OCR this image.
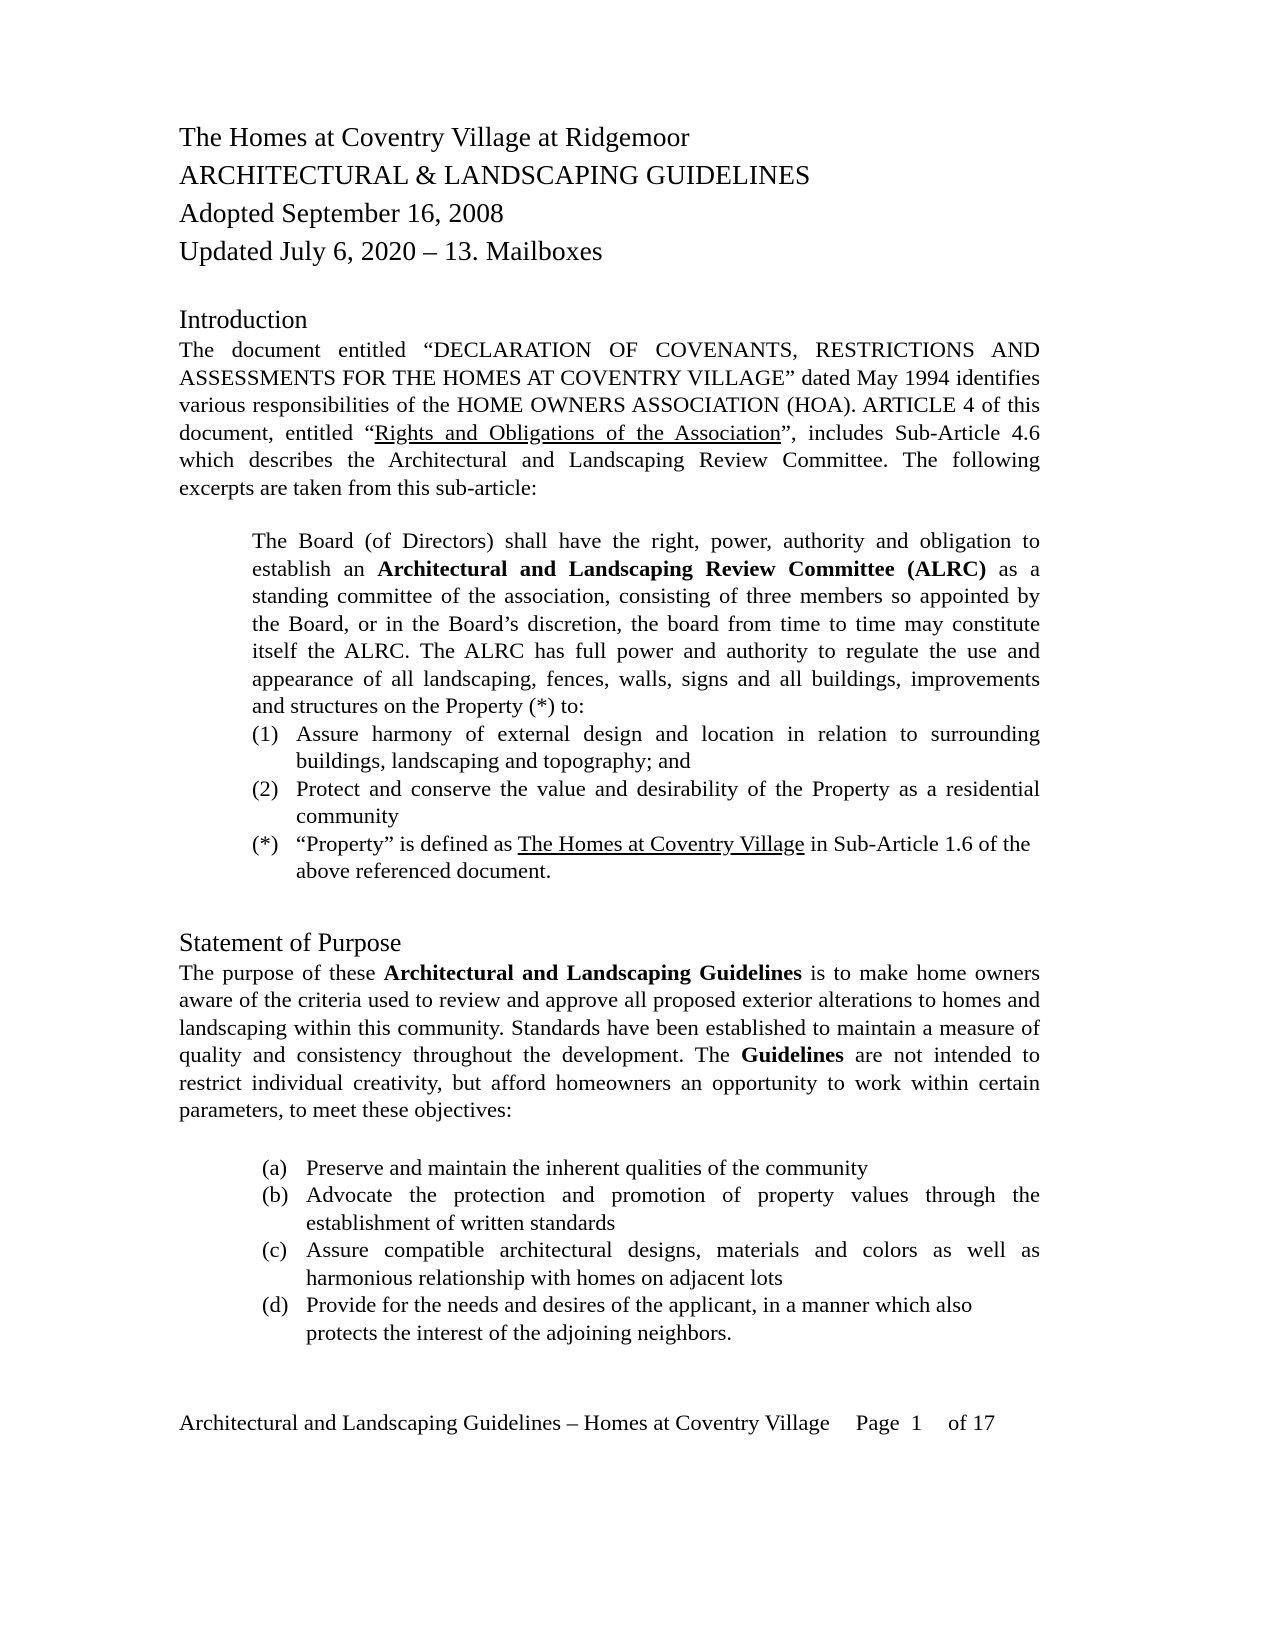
The Homes at Coventry Village at Ridgemoor
ARCHITECTURAL & LANDSCAPING GUIDELINES
Adopted September 16, 2008
Updated July 6, 2020 – 13. Mailboxes
Introduction

The document entitled “DECLARATION OF COVENANTS, RESTRICTIONS AND ASSESSMENTS FOR THE HOMES AT COVENTRY VILLAGE” dated May 1994 identifies various responsibilities of the HOME OWNERS ASSOCIATION (HOA). ARTICLE 4 of this document, entitled “Rights and Obligations of the Association”, includes Sub-Article 4.6 which describes the Architectural and Landscaping Review Committee. The following excerpts are taken from this sub-article:

The Board (of Directors) shall have the right, power, authority and obligation to establish an Architectural and Landscaping Review Committee (ALRC) as a standing committee of the association, consisting of three members so appointed by the Board, or in the Board’s discretion, the board from time to time may constitute itself the ALRC. The ALRC has full power and authority to regulate the use and appearance of all landscaping, fences, walls, signs and all buildings, improvements and structures on the Property (*) to:

(1) Assure harmony of external design and location in relation to surrounding buildings, landscaping and topography; and
(2) Protect and conserve the value and desirability of the Property as a residential community
(*) “Property” is defined as The Homes at Coventry Village in Sub-Article 1.6 of the above referenced document.
Statement of Purpose

The purpose of these Architectural and Landscaping Guidelines is to make home owners aware of the criteria used to review and approve all proposed exterior alterations to homes and landscaping within this community. Standards have been established to maintain a measure of quality and consistency throughout the development. The Guidelines are not intended to restrict individual creativity, but afford homeowners an opportunity to work within certain parameters, to meet these objectives:

(a) Preserve and maintain the inherent qualities of the community
(b) Advocate the protection and promotion of property values through the establishment of written standards
(c) Assure compatible architectural designs, materials and colors as well as harmonious relationship with homes on adjacent lots
(d) Provide for the needs and desires of the applicant, in a manner which also protects the interest of the adjoining neighbors.
Architectural and Landscaping Guidelines – Homes at Coventry Village Page 1 of 17
